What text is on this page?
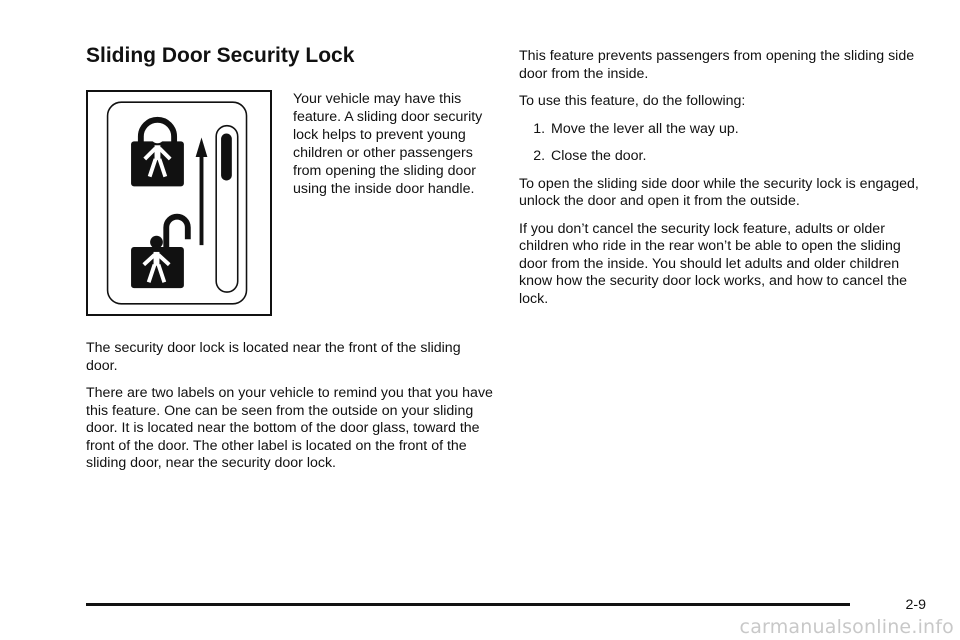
Sliding Door Security Lock

Your vehicle may have this feature. A sliding door security lock helps to prevent young children or other passengers from opening the sliding door using the inside door handle.

The security door lock is located near the front of the sliding door.

There are two labels on your vehicle to remind you that you have this feature. One can be seen from the outside on your sliding door. It is located near the bottom of the door glass, toward the front of the door. The other label is located on the front of the sliding door, near the security door lock.

This feature prevents passengers from opening the sliding side door from the inside.

To use this feature, do the following:

1. Move the lever all the way up.
2. Close the door.

To open the sliding side door while the security lock is engaged, unlock the door and open it from the outside.

If you don’t cancel the security lock feature, adults or older children who ride in the rear won’t be able to open the sliding door from the inside. You should let adults and older children know how the security door lock works, and how to cancel the lock.

2-9
carmanualsonline.info
